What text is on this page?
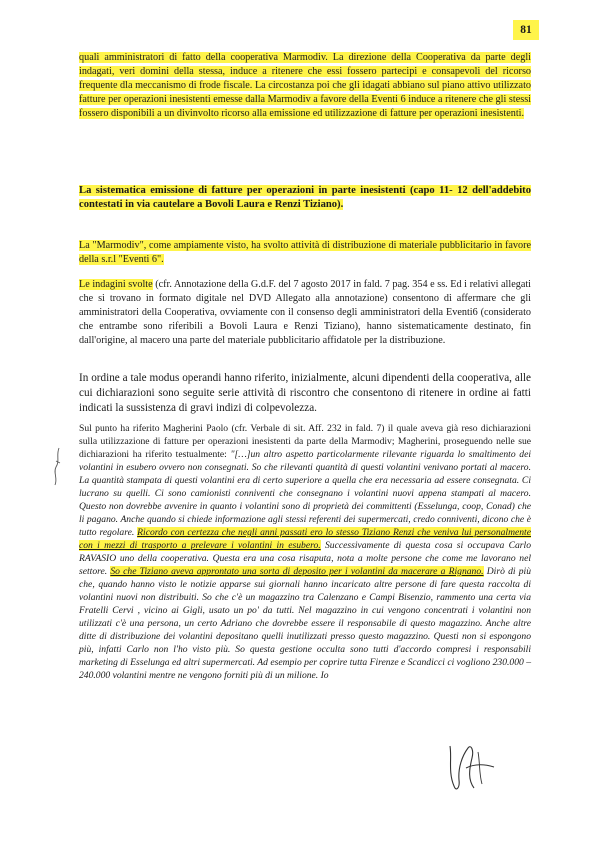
81

quali amministratori di fatto della cooperativa Marmodiv. La direzione della Cooperativa da parte degli indagati, veri domini della stessa, induce a ritenere che essi fossero partecipi e consapevoli del ricorso frequente dla meccanismo di frode fiscale. La circostanza poi che gli idagati abbiano sul piano attivo utilizzato fatture per operazioni inesistenti emesse dalla Marmodiv a favore della Eventi 6 induce a ritenere che gli stessi fossero disponibili a un divinvolto ricorso alla emissione ed utilizzazione di fatture per operazioni inesistenti.

La sistematica emissione di fatture per operazioni in parte inesistenti (capo 11- 12 dell'addebito contestati in via cautelare a Bovoli Laura e Renzi Tiziano).

La "Marmodiv", come ampiamente visto, ha svolto attività di distribuzione di materiale pubblicitario in favore della s.r.l "Eventi 6".

Le indagini svolte (cfr. Annotazione della G.d.F. del 7 agosto 2017 in fald. 7 pag. 354 e ss. Ed i relativi allegati che si trovano in formato digitale nel DVD Allegato alla annotazione) consentono di affermare che gli amministratori della Cooperativa, ovviamente con il consenso degli amministratori della Eventi6 (considerato che entrambe sono riferibili a Bovoli Laura e Renzi Tiziano), hanno sistematicamente destinato, fin dall'origine, al macero una parte del materiale pubblicitario affidatole per la distribuzione.

In ordine a tale modus operandi hanno riferito, inizialmente, alcuni dipendenti della cooperativa, alle cui dichiarazioni sono seguite serie attività di riscontro che consentono di ritenere in ordine ai fatti indicati la sussistenza di gravi indizi di colpevolezza.

Sul punto ha riferito Magherini Paolo (cfr. Verbale di sit. Aff. 232 in fald. 7) il quale aveva già reso dichiarazioni sulla utilizzazione di fatture per operazioni inesistenti da parte della Marmodiv; Magherini, proseguendo nelle sue dichiarazioni ha riferito testualmente: "[…]un altro aspetto particolarmente rilevante riguarda lo smaltimento dei volantini in esubero ovvero non consegnati. So che rilevanti quantità di questi volantini venivano portati al macero. La quantità stampata di questi volantini era di certo superiore a quella che era necessaria ad essere consegnata. Ci lucrano su quelli. Ci sono camionisti conniventi che consegnano i volantini nuovi appena stampati al macero. Questo non dovrebbe avvenire in quanto i volantini sono di proprietà dei committenti (Esselunga, coop, Conad) che li pagano. Anche quando si chiede informazione agli stessi referenti dei supermercati, credo conniventi, dicono che è tutto regolare. Ricordo con certezza che negli anni passati ero lo stesso Tiziano Renzi che veniva lui personalmente con i mezzi di trasporto a prelevare i volantini in esubero. Successivamente di questa cosa si occupava Carlo RAVASIO uno della cooperativa. Questa era una cosa risaputa, nota a molte persone che come me lavorano nel settore. So che Tiziano aveva approntato una sorta di deposito per i volantini da macerare a Rignano. Dirò di più che, quando hanno visto le notizie apparse sui giornali hanno incaricato altre persone di fare questa raccolta di volantini nuovi non distribuiti. So che c'è un magazzino tra Calenzano e Campi Bisenzio, rammento una certa via Fratelli Cervi , vicino ai Gigli, usato un po' da tutti. Nel magazzino in cui vengono concentrati i volantini non utilizzati c'è una persona, un certo Adriano che dovrebbe essere il responsabile di questo magazzino. Anche altre ditte di distribuzione dei volantini depositano quelli inutilizzati presso questo magazzino. Questi non si espongono più, infatti Carlo non l'ho visto più. So questa gestione occulta sono tutti d'accordo compresi i responsabili marketing di Esselunga ed altri supermercati. Ad esempio per coprire tutta Firenze e Scandicci ci vogliono 230.000 – 240.000 volantini mentre ne vengono forniti più di un milione. Io
